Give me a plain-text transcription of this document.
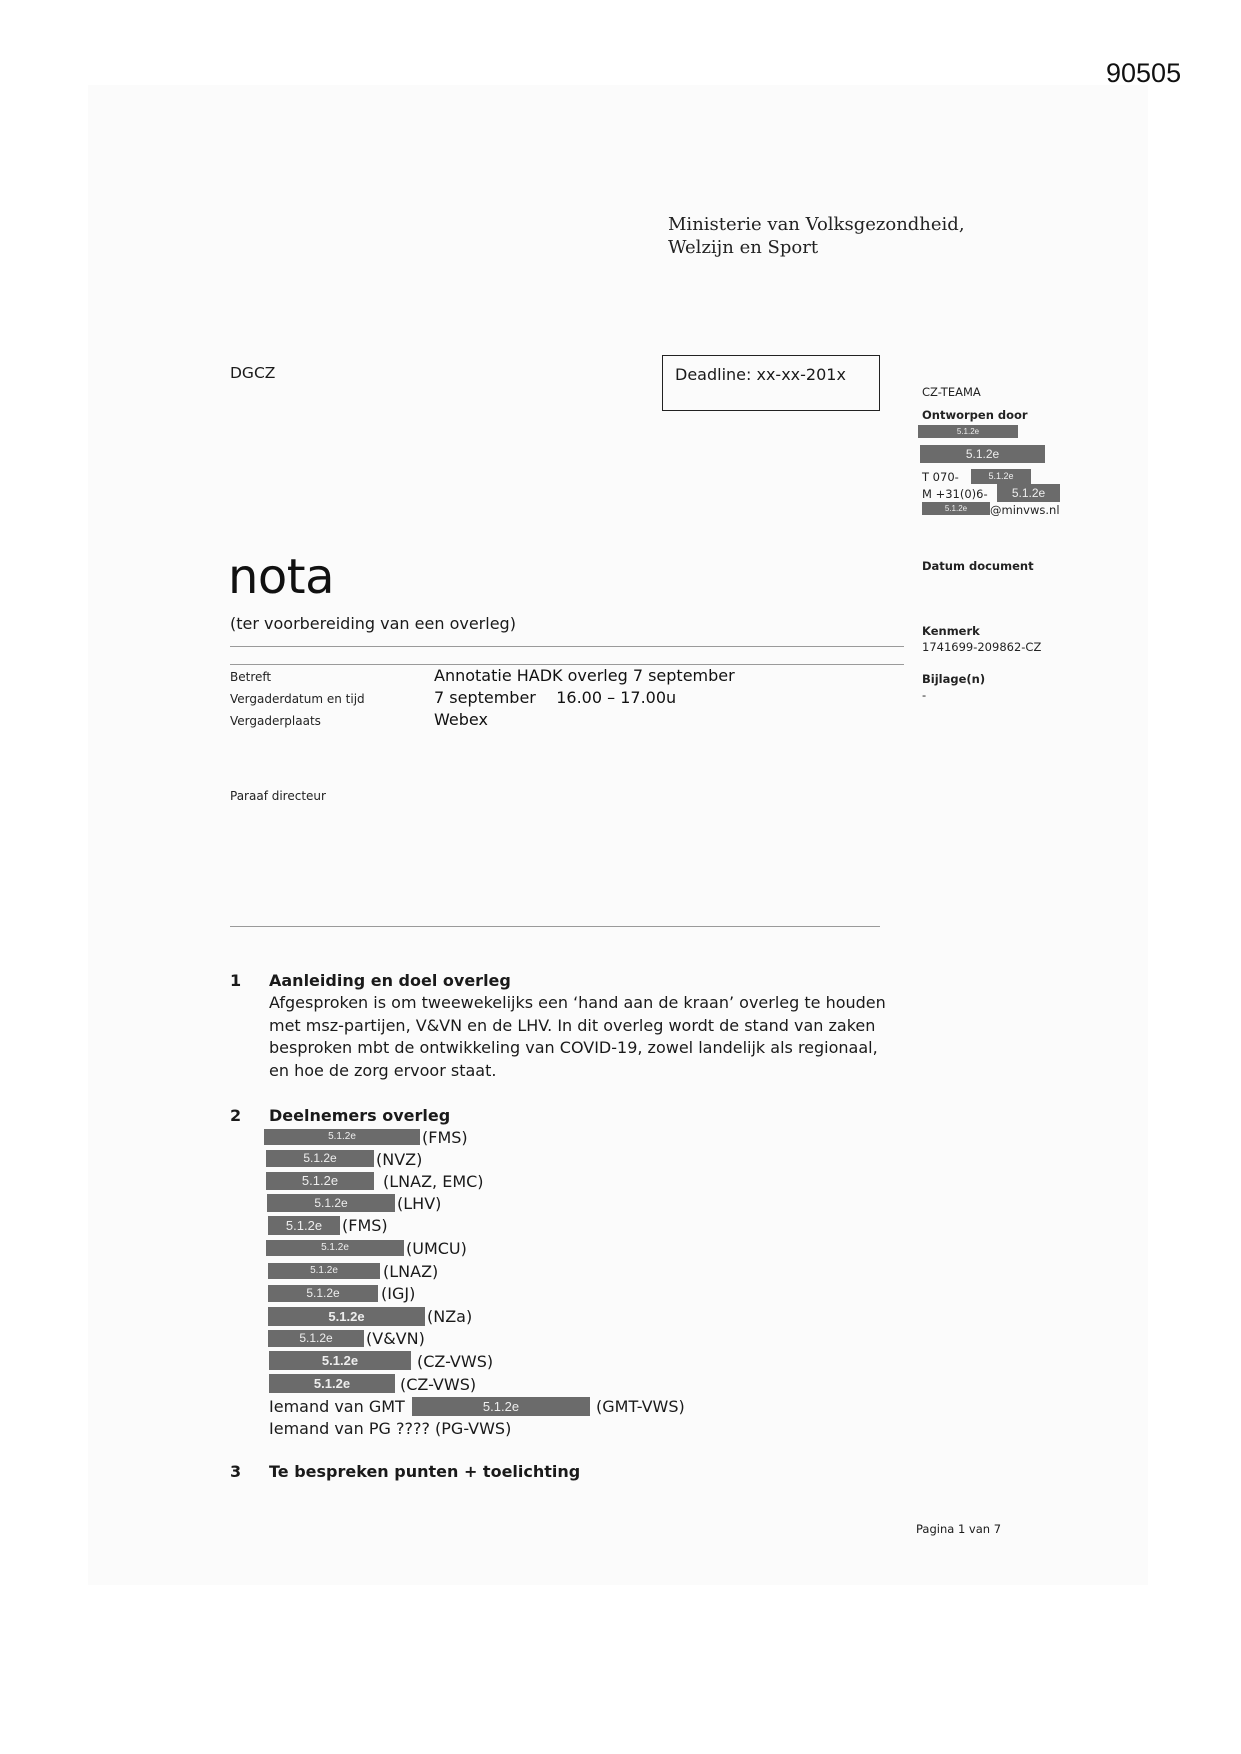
90505
Ministerie van Volksgezondheid,
Welzijn en Sport
DGCZ	Deadline: xx-xx-201x
CZ-TEAMA
Ontworpen door
5.1.2e
5.1.2e
T 070-	5.1.2e
M +31(0)6-	5.1.2e
5.1.2e	@minvws.nl
Datum document
Kenmerk
1741699-209862-CZ
Bijlage(n)
-
nota
(ter voorbereiding van een overleg)
Betreft	Annotatie HADK overleg 7 september
Vergaderdatum en tijd	7 september    16.00 – 17.00u
Vergaderplaats	Webex
Paraaf directeur
1 Aanleiding en doel overleg
Afgesproken is om tweewekelijks een ‘hand aan de kraan’ overleg te houden
met msz-partijen, V&VN en de LHV. In dit overleg wordt de stand van zaken
besproken mbt de ontwikkeling van COVID-19, zowel landelijk als regionaal,
en hoe de zorg ervoor staat.
2 Deelnemers overleg
5.1.2e	(FMS)
5.1.2e	(NVZ)
5.1.2e	(LNAZ, EMC)
5.1.2e	(LHV)
5.1.2e	(FMS)
5.1.2e	(UMCU)
5.1.2e	(LNAZ)
5.1.2e	(IGJ)
5.1.2e	(NZa)
5.1.2e	(V&VN)
5.1.2e	(CZ-VWS)
5.1.2e	(CZ-VWS)
Iemand van GMT	5.1.2e	(GMT-VWS)
Iemand van PG ???? (PG-VWS)
3 Te bespreken punten + toelichting
Pagina 1 van 7
